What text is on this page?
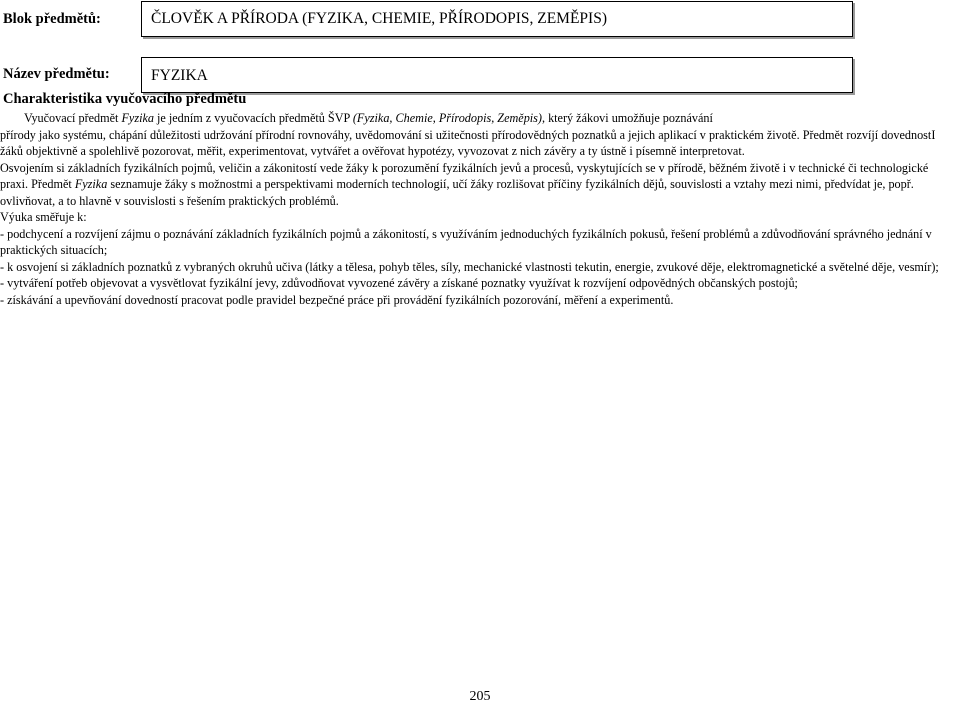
Blok předmětů:	ČLOVĚK A PŘÍRODA (FYZIKA, CHEMIE, PŘÍRODOPIS, ZEMĚPIS)
Název předmětu:	FYZIKA
Charakteristika vyučovacího předmětu

Vyučovací předmět Fyzika je jedním z vyučovacích předmětů ŠVP (Fyzika, Chemie, Přírodopis, Zeměpis), který žákovi umožňuje poznávání

přírody jako systému, chápání důležitosti udržování přírodní rovnováhy, uvědomování si užitečnosti přírodovědných poznatků a jejich aplikací v praktickém životě. Předmět rozvíjí dovednostI žáků objektivně a spolehlivě pozorovat, měřit, experimentovat, vytvářet a ověřovat hypotézy, vyvozovat z nich závěry a ty ústně i písemně interpretovat.

Osvojením si základních fyzikálních pojmů, veličin a zákonitostí vede žáky k porozumění fyzikálních jevů a procesů, vyskytujících se v přírodě, běžném životě i v technické či technologické praxi. Předmět Fyzika seznamuje žáky s možnostmi a perspektivami moderních technologií, učí žáky rozlišovat příčiny fyzikálních dějů, souvislosti a vztahy mezi nimi, předvídat je, popř. ovlivňovat, a to hlavně v souvislosti s řešením praktických problémů.

Výuka směřuje k:

- podchycení a rozvíjení zájmu o poznávání základních fyzikálních pojmů a zákonitostí, s využíváním jednoduchých fyzikálních pokusů, řešení problémů a zdůvodňování správného jednání v praktických situacích;

- k osvojení si základních poznatků z vybraných okruhů učiva (látky a tělesa, pohyb těles, síly, mechanické vlastnosti tekutin, energie, zvukové děje, elektromagnetické a světelné děje, vesmír);

- vytváření potřeb objevovat a vysvětlovat fyzikální jevy, zdůvodňovat vyvozené závěry a získané poznatky využívat k rozvíjení odpovědných občanských postojů;

- získávání a upevňování dovedností pracovat podle pravidel bezpečné práce při provádění fyzikálních pozorování, měření a experimentů.

205
